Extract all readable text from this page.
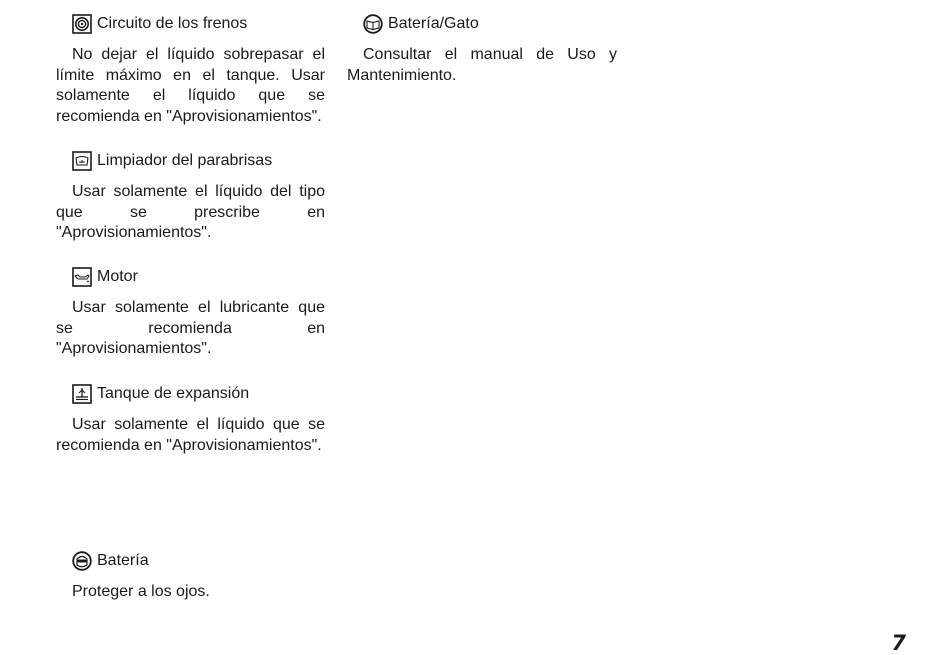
Circuito de los frenos
No dejar el líquido sobrepasar el límite máximo en el tanque. Usar solamente el líquido que se recomienda en "Aprovisionamientos".
Limpiador del parabrisas
Usar solamente el líquido del tipo que se prescribe en "Aprovisionamientos".
Motor
Usar solamente el lubricante que se recomienda en "Aprovisionamientos".
Tanque de expansión
Usar solamente el líquido que se recomienda en "Aprovisionamientos".
Batería
Proteger a los ojos.
Batería/Gato
Consultar el manual de Uso y Mantenimiento.
7
